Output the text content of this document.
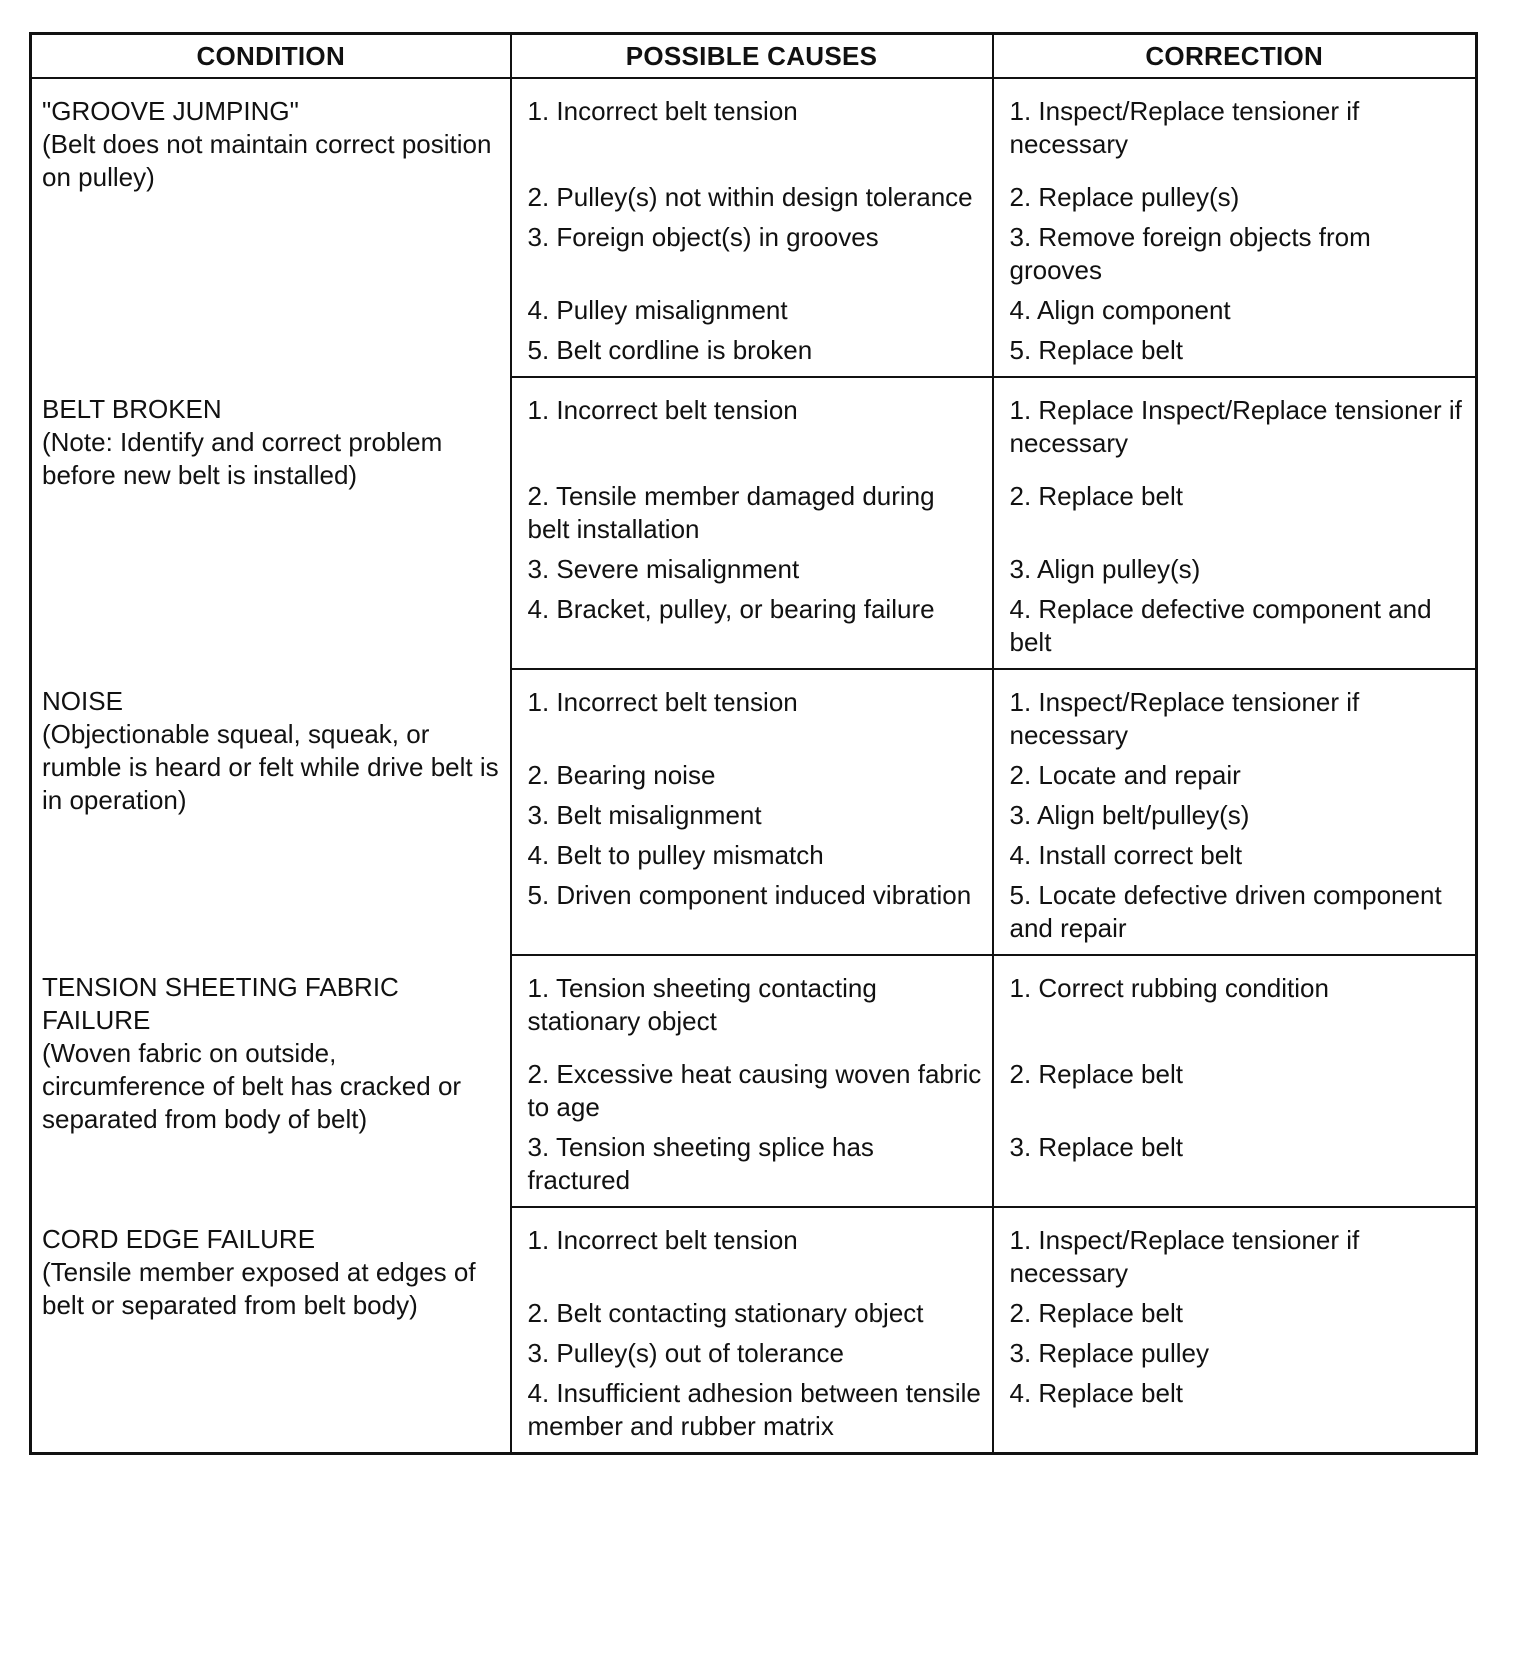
CONDITION	POSSIBLE CAUSES	CORRECTION

"GROOVE JUMPING"
(Belt does not maintain correct position on pulley)	1. Incorrect belt tension	1. Inspect/Replace tensioner if necessary
	2. Pulley(s) not within design tolerance	2. Replace pulley(s)
	3. Foreign object(s) in grooves	3. Remove foreign objects from grooves
	4. Pulley misalignment	4. Align component
	5. Belt cordline is broken	5. Replace belt

BELT BROKEN
(Note: Identify and correct problem before new belt is installed)	1. Incorrect belt tension	1. Replace Inspect/Replace tensioner if necessary
	2. Tensile member damaged during belt installation	2. Replace belt
	3. Severe misalignment	3. Align pulley(s)
	4. Bracket, pulley, or bearing failure	4. Replace defective component and belt

NOISE
(Objectionable squeal, squeak, or rumble is heard or felt while drive belt is in operation)	1. Incorrect belt tension	1. Inspect/Replace tensioner if necessary
	2. Bearing noise	2. Locate and repair
	3. Belt misalignment	3. Align belt/pulley(s)
	4. Belt to pulley mismatch	4. Install correct belt
	5. Driven component induced vibration	5. Locate defective driven component and repair

TENSION SHEETING FABRIC FAILURE
(Woven fabric on outside, circumference of belt has cracked or separated from body of belt)	1. Tension sheeting contacting stationary object	1. Correct rubbing condition
	2. Excessive heat causing woven fabric to age	2. Replace belt
	3. Tension sheeting splice has fractured	3. Replace belt

CORD EDGE FAILURE
(Tensile member exposed at edges of belt or separated from belt body)	1. Incorrect belt tension	1. Inspect/Replace tensioner if necessary
	2. Belt contacting stationary object	2. Replace belt
	3. Pulley(s) out of tolerance	3. Replace pulley
	4. Insufficient adhesion between tensile member and rubber matrix	4. Replace belt
